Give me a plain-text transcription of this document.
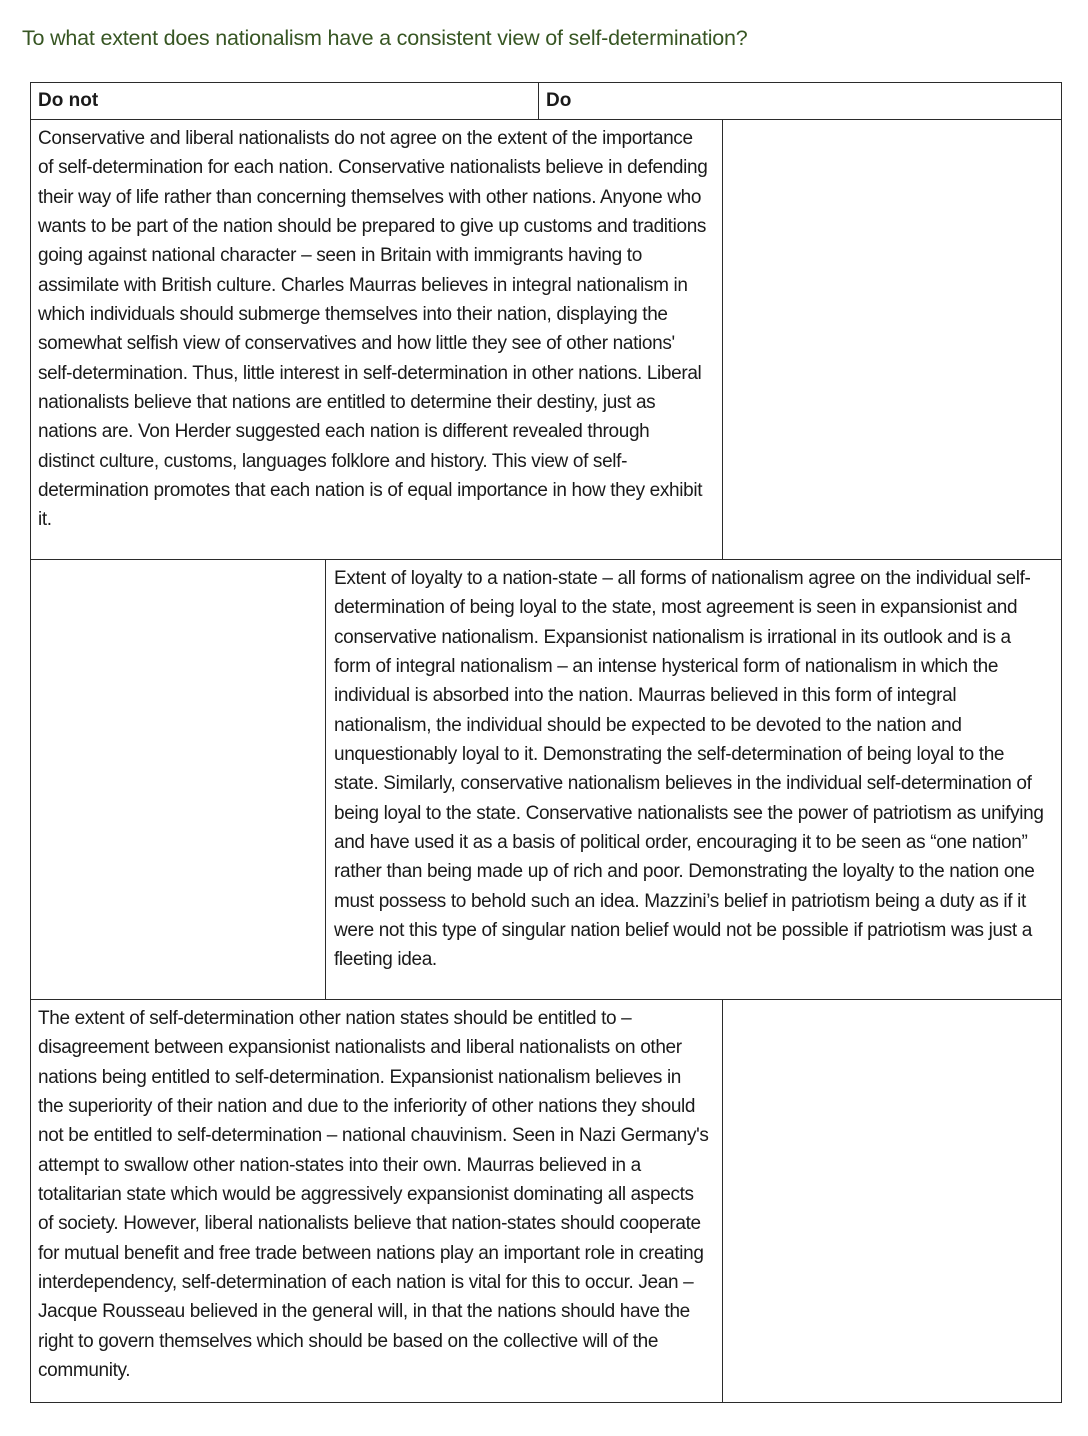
To what extent does nationalism have a consistent view of self-determination?
Do not	Do
Conservative and liberal nationalists do not agree on the extent of the importance of self-determination for each nation. Conservative nationalists believe in defending their way of life rather than concerning themselves with other nations. Anyone who wants to be part of the nation should be prepared to give up customs and traditions going against national character – seen in Britain with immigrants having to assimilate with British culture. Charles Maurras believes in integral nationalism in which individuals should submerge themselves into their nation, displaying the somewhat selfish view of conservatives and how little they see of other nations' self-determination. Thus, little interest in self-determination in other nations. Liberal nationalists believe that nations are entitled to determine their destiny, just as nations are. Von Herder suggested each nation is different revealed through distinct culture, customs, languages folklore and history. This view of self-determination promotes that each nation is of equal importance in how they exhibit it.
Extent of loyalty to a nation-state – all forms of nationalism agree on the individual self-determination of being loyal to the state, most agreement is seen in expansionist and conservative nationalism. Expansionist nationalism is irrational in its outlook and is a form of integral nationalism – an intense hysterical form of nationalism in which the individual is absorbed into the nation. Maurras believed in this form of integral nationalism, the individual should be expected to be devoted to the nation and unquestionably loyal to it. Demonstrating the self-determination of being loyal to the state. Similarly, conservative nationalism believes in the individual self-determination of being loyal to the state. Conservative nationalists see the power of patriotism as unifying and have used it as a basis of political order, encouraging it to be seen as “one nation” rather than being made up of rich and poor. Demonstrating the loyalty to the nation one must possess to behold such an idea. Mazzini’s belief in patriotism being a duty as if it were not this type of singular nation belief would not be possible if patriotism was just a fleeting idea.
The extent of self-determination other nation states should be entitled to – disagreement between expansionist nationalists and liberal nationalists on other nations being entitled to self-determination. Expansionist nationalism believes in the superiority of their nation and due to the inferiority of other nations they should not be entitled to self-determination – national chauvinism. Seen in Nazi Germany's attempt to swallow other nation-states into their own. Maurras believed in a totalitarian state which would be aggressively expansionist dominating all aspects of society. However, liberal nationalists believe that nation-states should cooperate for mutual benefit and free trade between nations play an important role in creating interdependency, self-determination of each nation is vital for this to occur. Jean – Jacque Rousseau believed in the general will, in that the nations should have the right to govern themselves which should be based on the collective will of the community.
